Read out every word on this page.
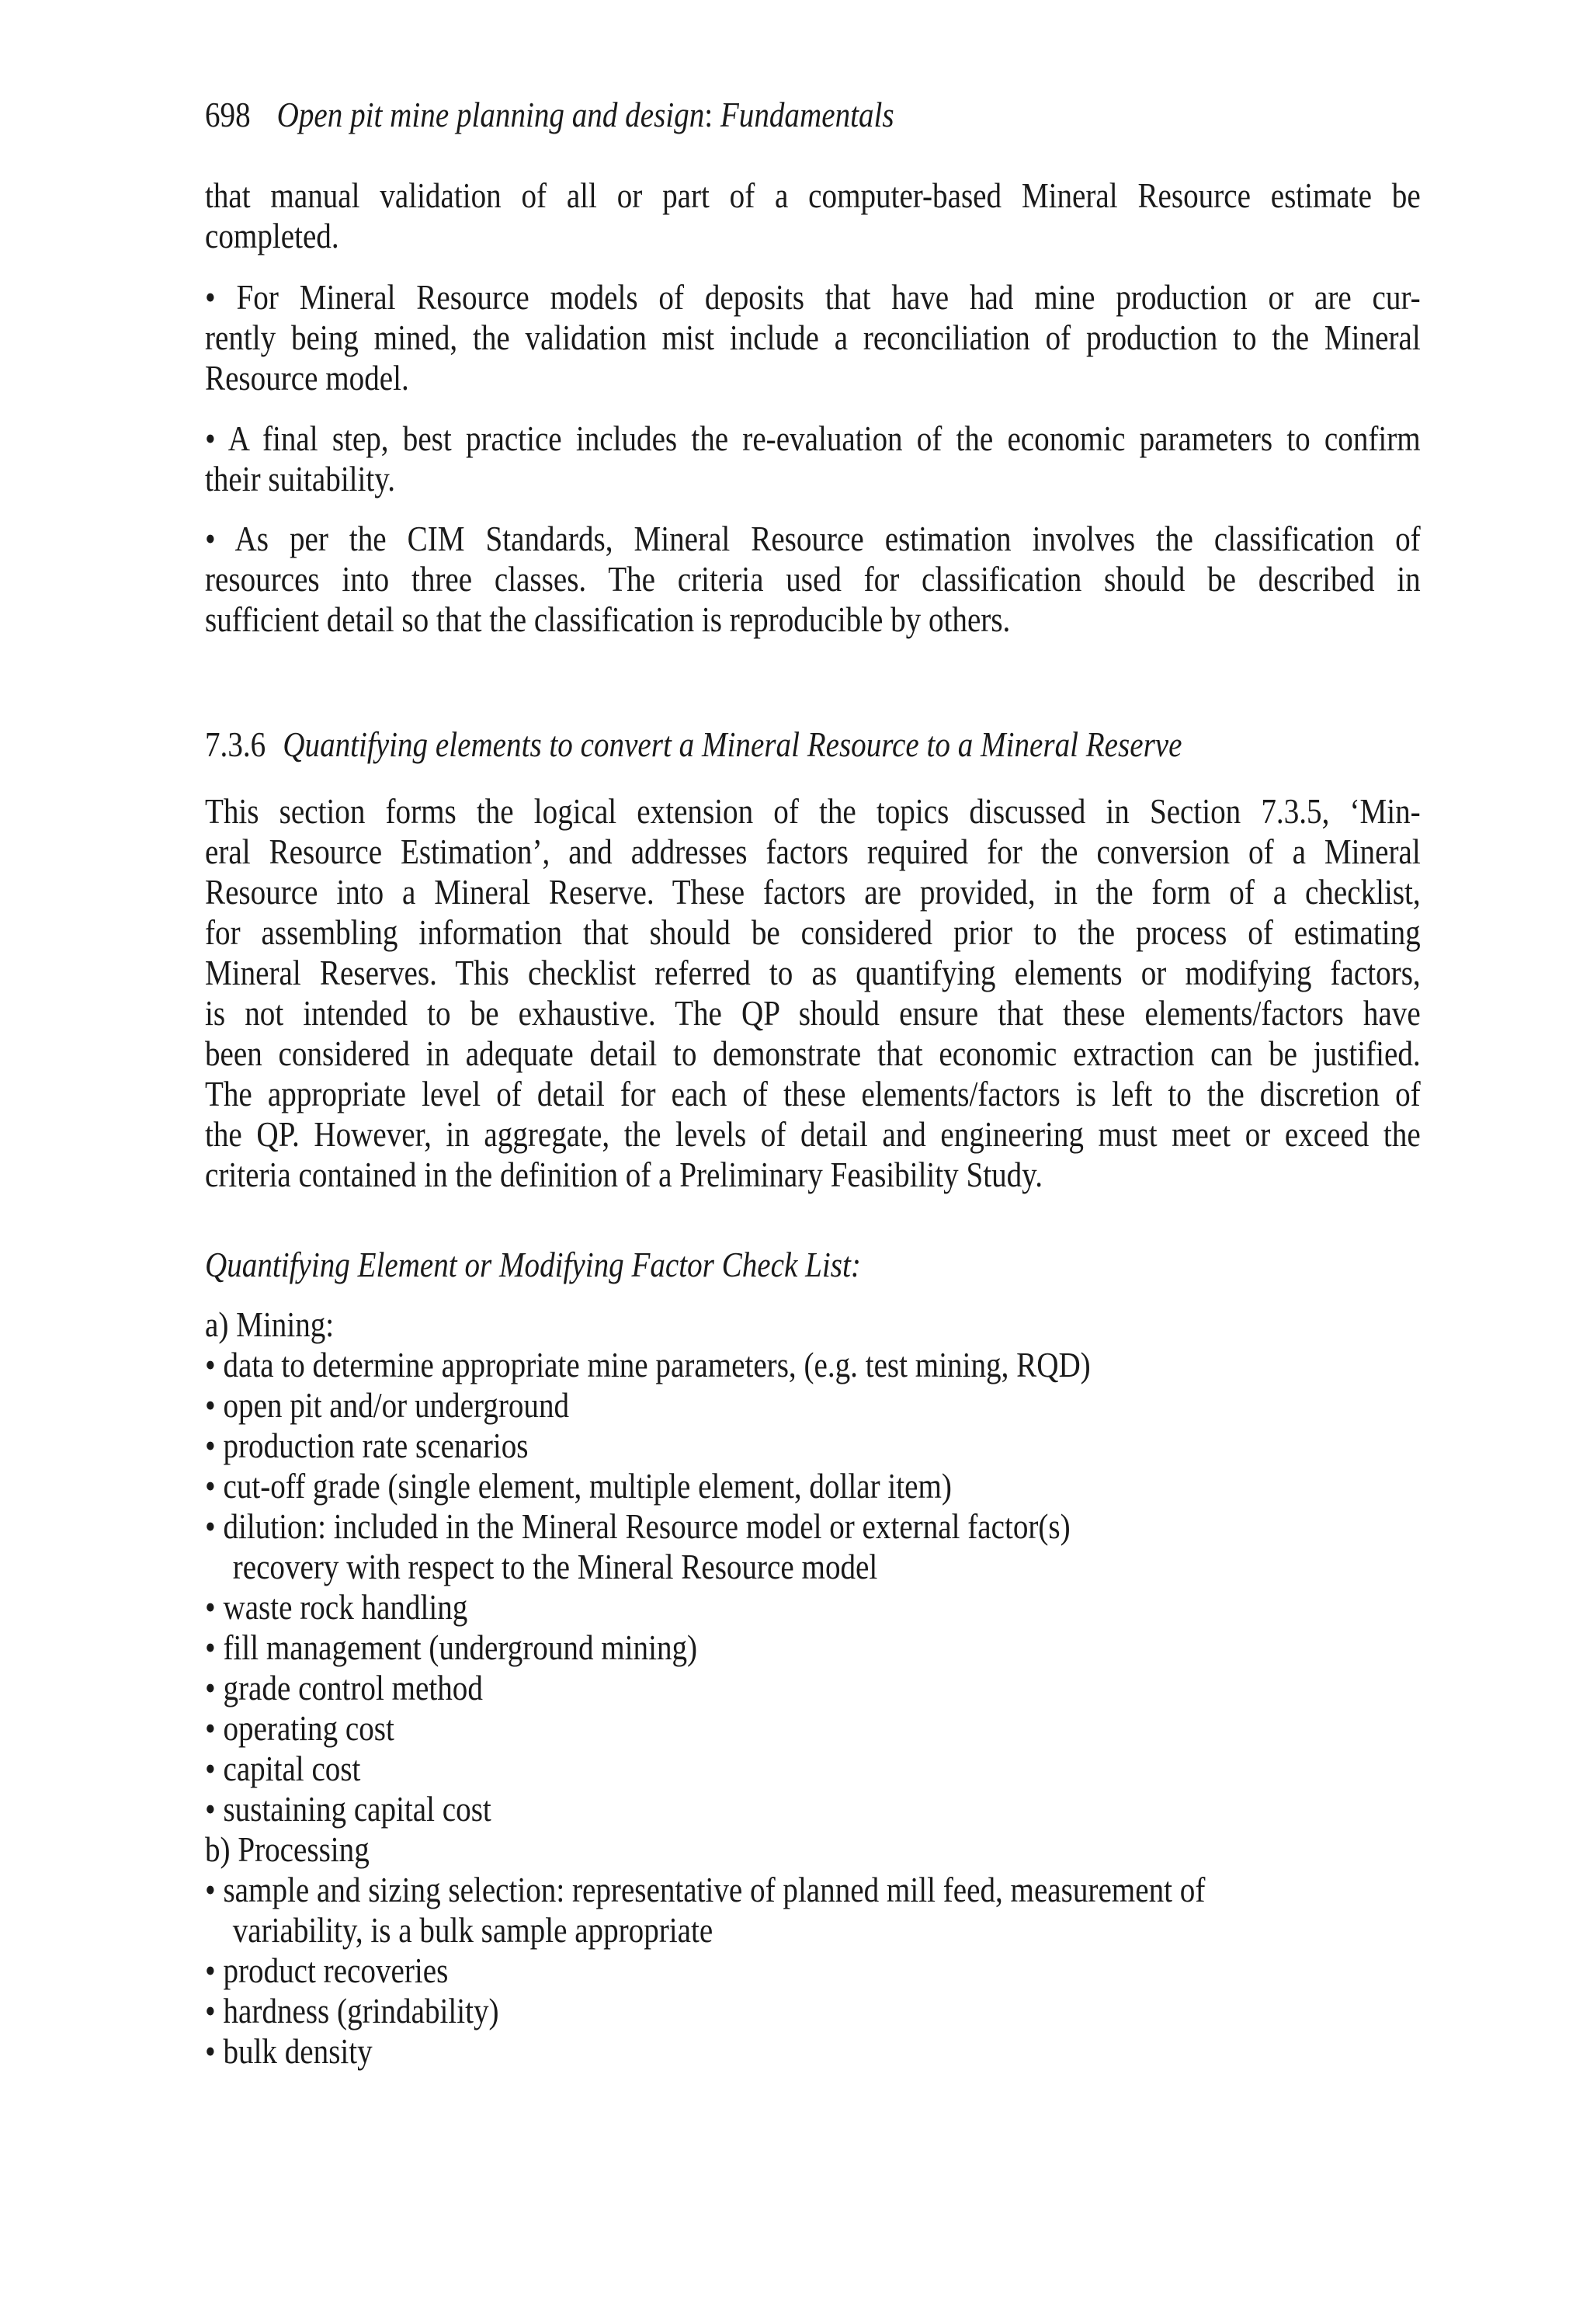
698 Open pit mine planning and design: Fundamentals
that manual validation of all or part of a computer-based Mineral Resource estimate be
completed.
• For Mineral Resource models of deposits that have had mine production or are cur-
rently being mined, the validation mist include a reconciliation of production to the Mineral
Resource model.
• A final step, best practice includes the re-evaluation of the economic parameters to confirm
their suitability.
• As per the CIM Standards, Mineral Resource estimation involves the classification of
resources into three classes. The criteria used for classification should be described in
sufficient detail so that the classification is reproducible by others.
7.3.6 Quantifying elements to convert a Mineral Resource to a Mineral Reserve
This section forms the logical extension of the topics discussed in Section 7.3.5, ‘Min-
eral Resource Estimation’, and addresses factors required for the conversion of a Mineral
Resource into a Mineral Reserve. These factors are provided, in the form of a checklist,
for assembling information that should be considered prior to the process of estimating
Mineral Reserves. This checklist referred to as quantifying elements or modifying factors,
is not intended to be exhaustive. The QP should ensure that these elements/factors have
been considered in adequate detail to demonstrate that economic extraction can be justified.
The appropriate level of detail for each of these elements/factors is left to the discretion of
the QP. However, in aggregate, the levels of detail and engineering must meet or exceed the
criteria contained in the definition of a Preliminary Feasibility Study.
Quantifying Element or Modifying Factor Check List:
a) Mining:
• data to determine appropriate mine parameters, (e.g. test mining, RQD)
• open pit and/or underground
• production rate scenarios
• cut-off grade (single element, multiple element, dollar item)
• dilution: included in the Mineral Resource model or external factor(s)
recovery with respect to the Mineral Resource model
• waste rock handling
• fill management (underground mining)
• grade control method
• operating cost
• capital cost
• sustaining capital cost
b) Processing
• sample and sizing selection: representative of planned mill feed, measurement of
variability, is a bulk sample appropriate
• product recoveries
• hardness (grindability)
• bulk density
